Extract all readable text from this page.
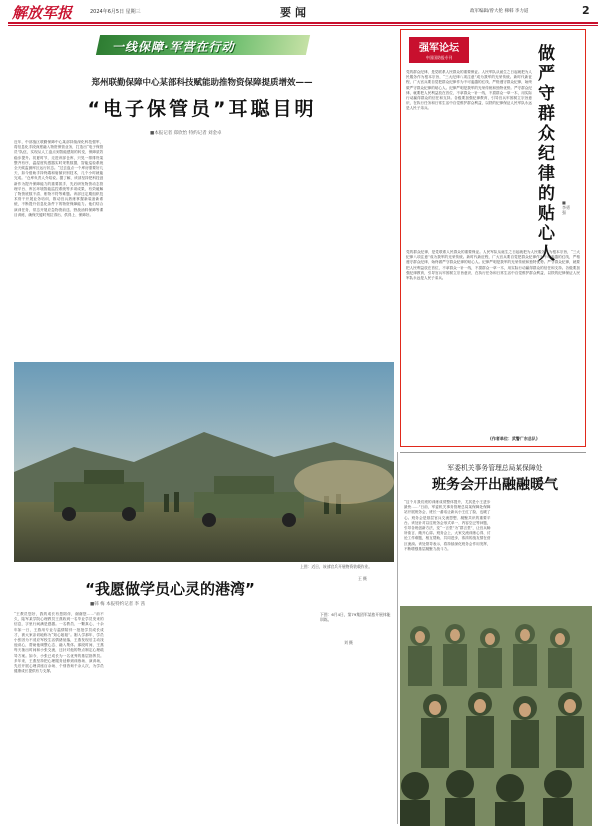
解放军报	2024年6月5日 星期三	要闻	政军编辑/曾大伦 梯韩 李力道	2
一线保障·军营在行动
郑州联勤保障中心某部科技赋能助推物资保障提质增效——
“电子保管员”耳聪目明
■本报记者 郑欣怡 特约记者 刘金卓
近年，中部战区联勤保障中心某部持续深化科技强军，将信息化手段深度融入物资保管业务，打造出“电子保管员”队伍，实现从人工盘点到智能感知的转变，保障质效稳步提升。初夏时节，走进该部仓库，只见一排排货架整齐有序，温湿度传感器实时采集数据，智能巡检系统全天候监测库区运行状态。“过去盘点一个库房需要好几天，如今借助手持终端和射频识别技术，几个小时就能完成。”仓库负责人介绍说。据了解，该部坚持把科技创新作为提升保障能力的重要抓手，先后研发物资动态管理平台、库区环境智能监控系统等多项成果，有效破解了物资底数不清、账物不符等难题。该部还定期组织技术骨干开展业务培训，推动官兵熟练掌握新装备新系统，不断提升信息化条件下的物资保障能力。他们结合演训任务，常态开展应急物资前送、野战油料保障等课目训练，确保关键时刻拉得出、供得上、保障好。
上图：近日，该部官兵开展物资装载作业。
王 摄
“我愿做学员心灵的港湾”
■韩 梅 本报特约记者 李 茜
“王教员您好，我的成长有您陪伴，谢谢您……”前不久，陆军某学院心理教员王燕收到一名毕业学员发来的信息，字里行间满是感激。一名教员、一颗真心，十余年如一日，王燕用专业与温情陪伴一批批学员成长成才，被大家亲切地称为“知心姐姐”。刚入学那年，学员小张因为不适应军校生活情绪低落，王燕发现后主动找他谈心，帮助他调整心态、融入集体。那段时间，王燕每天抽出时间和小张交流，还针对他的特点制定心理疏导方案。如今，小张已成长为一名优秀的基层指挥员。多年来，王燕坚持把心理服务延伸到训练场、演训场，先后开展心理讲座百余场、个别咨询千余人次，为学员健康成长提供有力支撑。
强军论坛
中国国防报专刊
党的群众纪律，是党联系人民群众的重要保证。人民军队从诞生之日起就把为人民服务作为根本宗旨，“三大纪律八项注意”成为我军的光荣传统。新时代新征程，广大官兵要自觉把群众纪律作为不可逾越的红线，严格遵守群众纪律，始终做严守群众纪律的贴心人。纪律严明是我军的光荣传统和独特优势。严守群众纪律，就要把人民利益放在首位，不拿群众一针一线，不损群众一草一木，用实际行动赢得群众的信任和支持。各级要加强纪律教育，引导官兵牢固树立宗旨意识，在执行任务和日常生活中自觉维护群众利益，以铁的纪律保证人民军队永远是人民子弟兵。
做严守群众纪律的贴心人
■ 李勇强
党的群众纪律，是党联系人民群众的重要保证。人民军队从诞生之日起就把为人民服务作为根本宗旨，“三大纪律八项注意”成为我军的光荣传统。新时代新征程，广大官兵要自觉把群众纪律作为不可逾越的红线，严格遵守群众纪律，始终做严守群众纪律的贴心人。纪律严明是我军的光荣传统和独特优势。严守群众纪律，就要把人民利益放在首位，不拿群众一针一线，不损群众一草一木，用实际行动赢得群众的信任和支持。各级要加强纪律教育，引导官兵牢固树立宗旨意识，在执行任务和日常生活中自觉维护群众利益，以铁的纪律保证人民军队永远是人民子弟兵。
(作者单位：武警广东总队)
军委机关事务管理总局某保障处
班务会开出融融暖气
“这个月我们班的训练成绩整体提升，尤其是小王进步最快……”日前，军委机关事务管理总局某保障处保障站开展班务会，班长一番话让新兵小王红了脸，也暖了心。班务会是基层官兵交流思想、凝聚共识的重要平台。该处针对以往班务会形式单一、内容空泛等问题，引导各班创新方法，变“一言堂”为“群言堂”，让官兵畅所欲言、敞开心扉。班务会上，大家交流训练心得、讨论工作难题，相互帮助、共同进步，浓浓的战友情在营区流淌。该处领导表示，将持续深化班务会作用发挥，不断增强基层凝聚力战斗力。
下图：6月4日，第79集团军某旅开展体能训练。
刘 摄
